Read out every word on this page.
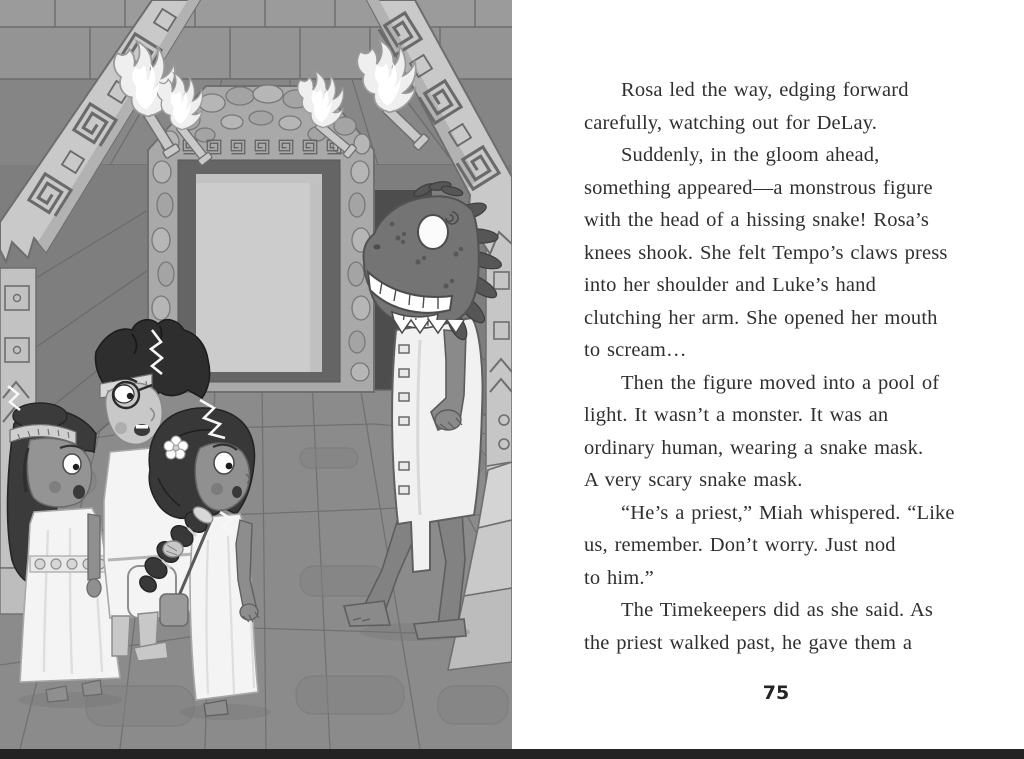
Rosa led the way, edging forward
carefully, watching out for DeLay.
Suddenly, in the gloom ahead,
something appeared—a monstrous figure
with the head of a hissing snake! Rosa’s
knees shook. She felt Tempo’s claws press
into her shoulder and Luke’s hand
clutching her arm. She opened her mouth
to scream…
Then the figure moved into a pool of
light. It wasn’t a monster. It was an
ordinary human, wearing a snake mask.
A very scary snake mask.
“He’s a priest,” Miah whispered. “Like
us, remember. Don’t worry. Just nod
to him.”
The Timekeepers did as she said. As
the priest walked past, he gave them a
75
